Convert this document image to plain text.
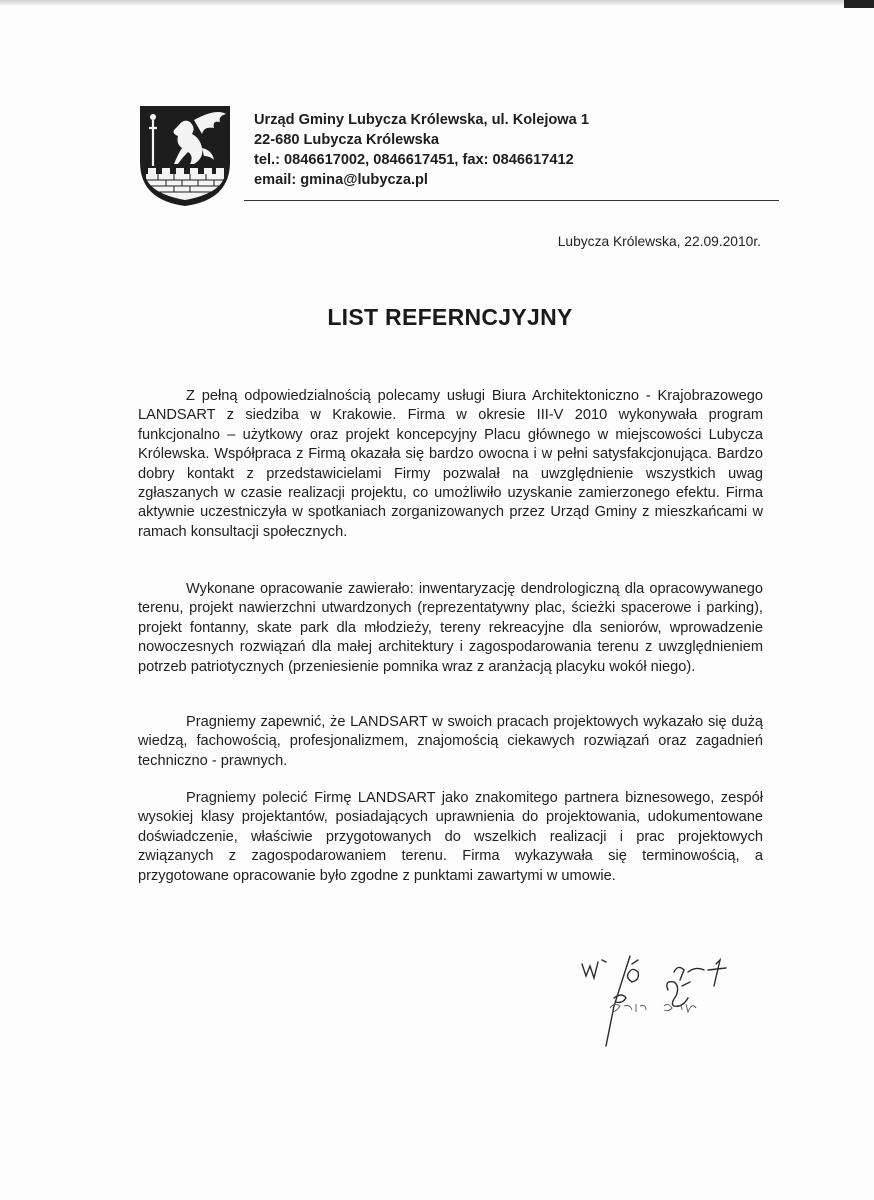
Urząd Gminy Lubycza Królewska, ul. Kolejowa 1
22-680 Lubycza Królewska
tel.: 0846617002, 0846617451, fax: 0846617412
email: gmina@lubycza.pl
Lubycza Królewska, 22.09.2010r.
LIST REFERNCJYJNY

Z pełną odpowiedzialnością polecamy usługi Biura Architektoniczno - Krajobrazowego LANDSART z siedziba w Krakowie. Firma w okresie III-V 2010 wykonywała program funkcjonalno – użytkowy oraz projekt koncepcyjny Placu głównego w miejscowości Lubycza Królewska. Współpraca z Firmą okazała się bardzo owocna i w pełni satysfakcjonująca. Bardzo dobry kontakt z przedstawicielami Firmy pozwalał na uwzględnienie wszystkich uwag zgłaszanych w czasie realizacji projektu, co umożliwiło uzyskanie zamierzonego efektu. Firma aktywnie uczestniczyła w spotkaniach zorganizowanych przez Urząd Gminy z mieszkańcami w ramach konsultacji społecznych.

Wykonane opracowanie zawierało: inwentaryzację dendrologiczną dla opracowywanego terenu, projekt nawierzchni utwardzonych (reprezentatywny plac, ścieżki spacerowe i parking), projekt fontanny, skate park dla młodzieży, tereny rekreacyjne dla seniorów, wprowadzenie nowoczesnych rozwiązań dla małej architektury i zagospodarowania terenu z uwzględnieniem potrzeb patriotycznych (przeniesienie pomnika wraz z aranżacją placyku wokół niego).

Pragniemy zapewnić, że LANDSART w swoich pracach projektowych wykazało się dużą wiedzą, fachowością, profesjonalizmem, znajomością ciekawych rozwiązań oraz zagadnień techniczno - prawnych.

Pragniemy polecić Firmę LANDSART jako znakomitego partnera biznesowego, zespół wysokiej klasy projektantów, posiadających uprawnienia do projektowania, udokumentowane doświadczenie, właściwie przygotowanych do wszelkich realizacji i prac projektowych związanych z zagospodarowaniem terenu. Firma wykazywała się terminowością, a przygotowane opracowanie było zgodne z punktami zawartymi w umowie.
